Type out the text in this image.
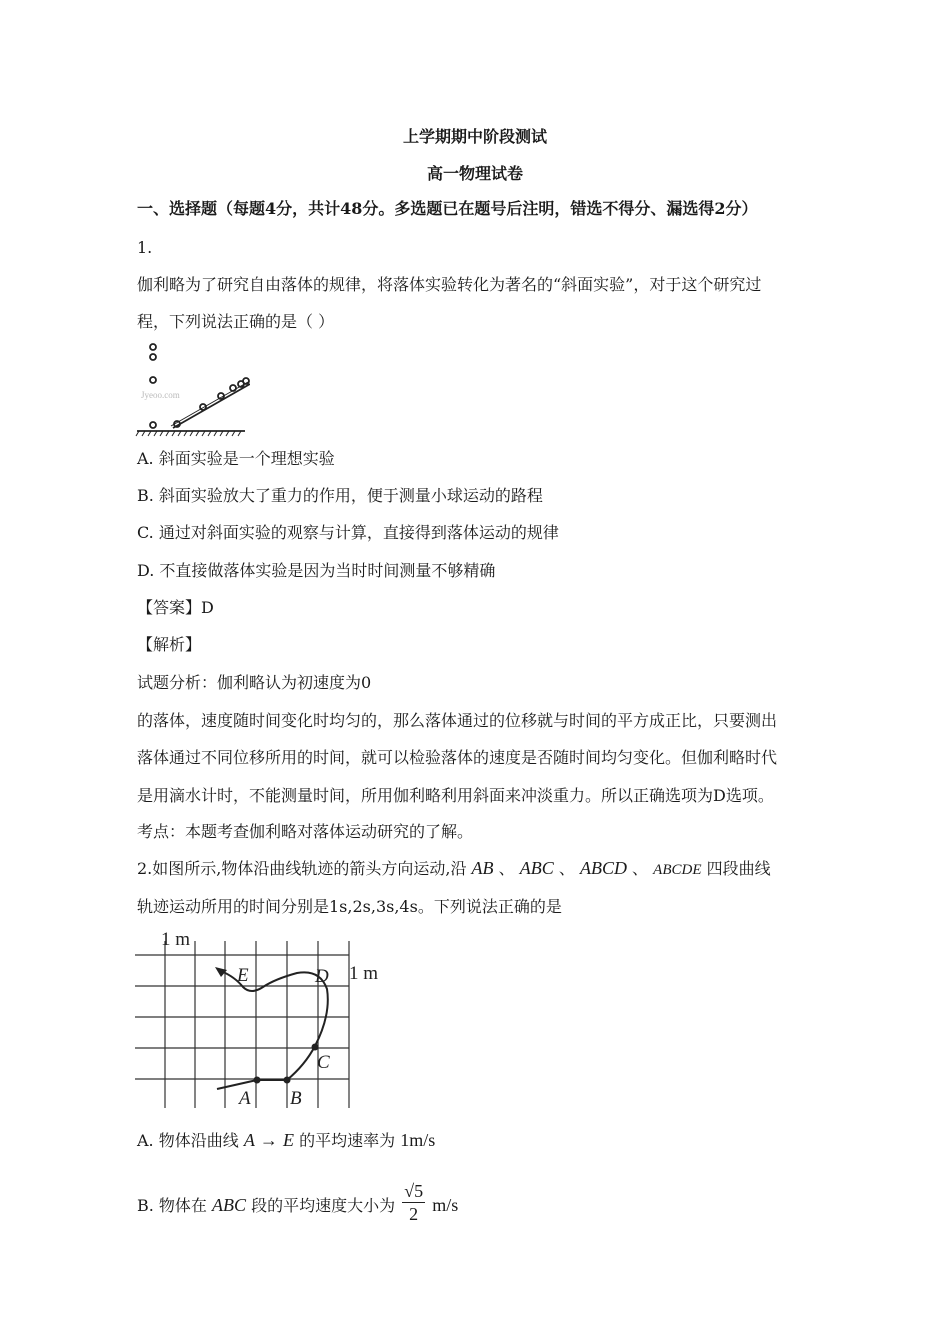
上学期期中阶段测试
高一物理试卷
一、选择题（每题4分，共计48分。多选题已在题号后注明，错选不得分、漏选得2分）
1.
伽利略为了研究自由落体的规律，将落体实验转化为著名的“斜面实验”，对于这个研究过
程，下列说法正确的是（ ）
Jyeoo.com
A. 斜面实验是一个理想实验
B. 斜面实验放大了重力的作用，便于测量小球运动的路程
C. 通过对斜面实验的观察与计算，直接得到落体运动的规律
D. 不直接做落体实验是因为当时时间测量不够精确
【答案】D
【解析】
试题分析：伽利略认为初速度为0
的落体，速度随时间变化时均匀的，那么落体通过的位移就与时间的平方成正比，只要测出
落体通过不同位移所用的时间，就可以检验落体的速度是否随时间均匀变化。但伽利略时代
是用滴水计时，不能测量时间，所用伽利略利用斜面来冲淡重力。所以正确选项为D选项。
考点：本题考查伽利略对落体运动研究的了解。
2.如图所示,物体沿曲线轨迹的箭头方向运动,沿 AB 、 ABC 、 ABCD 、 ABCDE 四段曲线
轨迹运动所用的时间分别是1s,2s,3s,4s。下列说法正确的是
1 m
1 m
A B
C
D
E
A. 物体沿曲线 A → E 的平均速率为 1m/s
B. 物体在 ABC 段的平均速度大小为 $\frac{√5}{2} m/s$
